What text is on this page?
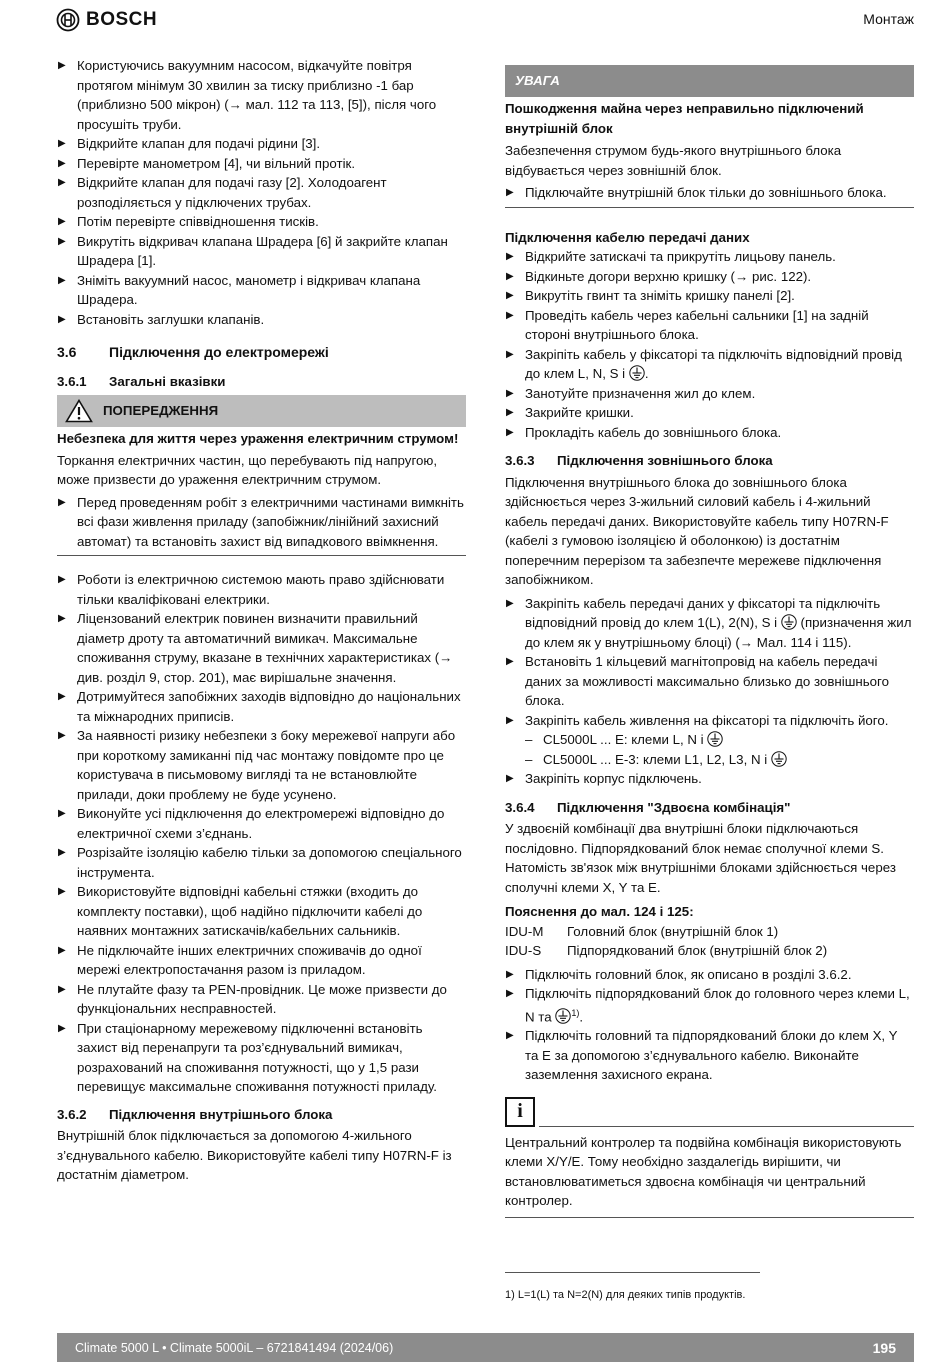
BOSCH	Монтаж
▶ Користуючись вакуумним насосом, відкачуйте повітря протягом мінімум 30 хвилин за тиску приблизно -1 бар (приблизно 500 мікрон) (→ мал. 112 та 113, [5]), після чого просушіть труби.
▶ Відкрийте клапан для подачі рідини [3].
▶ Перевірте манометром [4], чи вільний протік.
▶ Відкрийте клапан для подачі газу [2]. Холодоагент розподіляється у підключених трубах.
▶ Потім перевірте співвідношення тисків.
▶ Викрутіть відкривач клапана Шрадера [6] й закрийте клапан Шрадера [1].
▶ Зніміть вакуумний насос, манометр і відкривач клапана Шрадера.
▶ Встановіть заглушки клапанів.
3.6	Підключення до електромережі
3.6.1	Загальні вказівки
ПОПЕРЕДЖЕННЯ
Небезпека для життя через ураження електричним струмом!
Торкання електричних частин, що перебувають під напругою, може призвести до ураження електричним струмом.
▶ Перед проведенням робіт з електричними частинами вимкніть всі фази живлення приладу (запобіжник/лінійний захисний автомат) та встановіть захист від випадкового ввімкнення.
▶ Роботи із електричною системою мають право здійснювати тільки кваліфіковані електрики.
▶ Ліцензований електрик повинен визначити правильний діаметр дроту та автоматичний вимикач. Максимальне споживання струму, вказане в технічних характеристиках (→ див. розділ 9, стор. 201), має вирішальне значення.
▶ Дотримуйтеся запобіжних заходів відповідно до національних та міжнародних приписів.
▶ За наявності ризику небезпеки з боку мережевої напруги або при короткому замиканні під час монтажу повідомте про це користувача в письмовому вигляді та не встановлюйте прилади, доки проблему не буде усунено.
▶ Виконуйте усі підключення до електромережі відповідно до електричної схеми з’єднань.
▶ Розрізайте ізоляцію кабелю тільки за допомогою спеціального інструмента.
▶ Використовуйте відповідні кабельні стяжки (входить до комплекту поставки), щоб надійно підключити кабелі до наявних монтажних затискачів/кабельних сальників.
▶ Не підключайте інших електричних споживачів до одної мережі електропостачання разом із приладом.
▶ Не плутайте фазу та PEN-провідник. Це може призвести до функціональних несправностей.
▶ При стаціонарному мережевому підключенні встановіть захист від перенапруги та роз’єднувальний вимикач, розрахований на споживання потужності, що у 1,5 рази перевищує максимальне споживання потужності приладу.
3.6.2	Підключення внутрішнього блока
Внутрішній блок підключається за допомогою 4-жильного з’єднувального кабелю. Використовуйте кабелі типу H07RN-F із достатнім діаметром.
УВАГА
Пошкодження майна через неправильно підключений внутрішній блок
Забезпечення струмом будь-якого внутрішнього блока відбувається через зовнішній блок.
▶ Підключайте внутрішній блок тільки до зовнішнього блока.
Підключення кабелю передачі даних
▶ Відкрийте затискачі та прикрутіть лицьову панель.
▶ Відкиньте догори верхню кришку (→ рис. 122).
▶ Викрутіть гвинт та зніміть кришку панелі [2].
▶ Проведіть кабель через кабельні сальники [1] на задній стороні внутрішнього блока.
▶ Закріпіть кабель у фіксаторі та підключіть відповідний провід до клем L, N, S і .
▶ Занотуйте призначення жил до клем.
▶ Закрийте кришки.
▶ Прокладіть кабель до зовнішнього блока.
3.6.3	Підключення зовнішнього блока
Підключення внутрішнього блока до зовнішнього блока здійснюється через 3-жильний силовий кабель і 4-жильний кабель передачі даних. Використовуйте кабель типу H07RN-F (кабелі з гумовою ізоляцією й оболонкою) із достатнім поперечним перерізом та забезпечте мережеве підключення запобіжником.
▶ Закріпіть кабель передачі даних у фіксаторі та підключіть відповідний провід до клем 1(L), 2(N), S і (призначення жил до клем як у внутрішньому блоці) (→ Мал. 114 і 115).
▶ Встановіть 1 кільцевий магнітопровід на кабель передачі даних за можливості максимально близько до зовнішнього блока.
▶ Закріпіть кабель живлення на фіксаторі та підключіть його.
– CL5000L ... E: клеми L, N і
– CL5000L ... E-3: клеми L1, L2, L3, N і
▶ Закріпіть корпус підключень.
3.6.4	Підключення "Здвоєна комбінація"
У здвоєній комбінації два внутрішні блоки підключаються послідовно. Підпорядкований блок немає сполучної клеми S. Натомість зв'язок між внутрішніми блоками здійснюється через сполучні клеми X, Y та E.
Пояснення до мал. 124 і 125:
IDU-M	Головний блок (внутрішній блок 1)
IDU-S	Підпорядкований блок (внутрішній блок 2)
▶ Підключіть головний блок, як описано в розділі 3.6.2.
▶ Підключіть підпорядкований блок до головного через клеми L, N та $^{1)}$.
▶ Підключіть головний та підпорядкований блоки до клем X, Y та E за допомогою з’єднувального кабелю. Виконайте заземлення захисного екрана.
i
Центральний контролер та подвійна комбінація використовують клеми X/Y/E. Тому необхідно заздалегідь вирішити, чи встановлюватиметься здвоєна комбінація чи центральний контролер.
1) L=1(L) та N=2(N) для деяких типів продуктів.
Climate 5000 L • Climate 5000iL – 6721841494 (2024/06)	195
